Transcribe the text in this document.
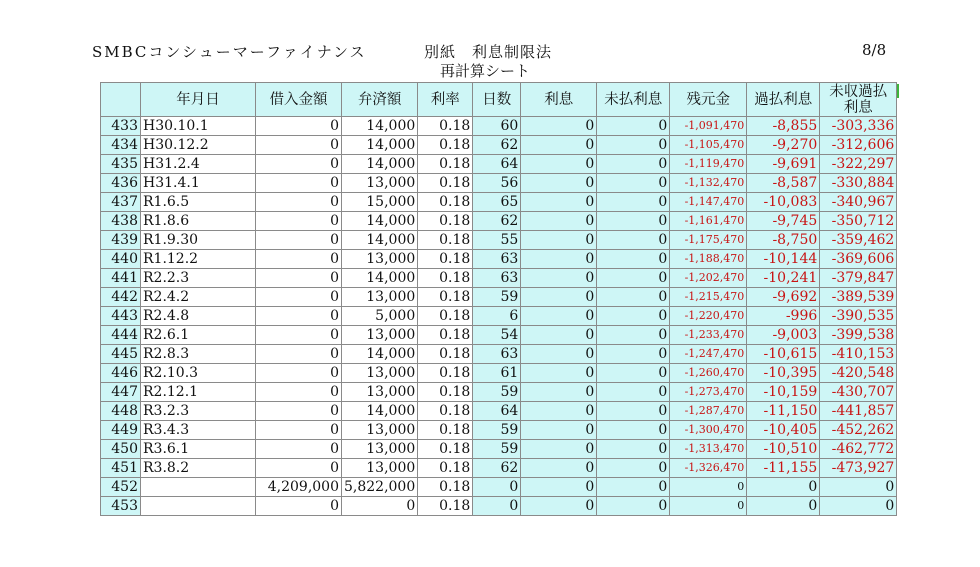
SMBCコンシューマーファイナンス	別紙　利息制限法	8/8
再計算シート
	年月日	借入金額	弁済額	利率	日数	利息	未払利息	残元金	過払利息	未収過払
利息
433	H30.10.1	0	14,000	0.18	60	0	0	-1,091,470	-8,855	-303,336
434	H30.12.2	0	14,000	0.18	62	0	0	-1,105,470	-9,270	-312,606
435	H31.2.4	0	14,000	0.18	64	0	0	-1,119,470	-9,691	-322,297
436	H31.4.1	0	13,000	0.18	56	0	0	-1,132,470	-8,587	-330,884
437	R1.6.5	0	15,000	0.18	65	0	0	-1,147,470	-10,083	-340,967
438	R1.8.6	0	14,000	0.18	62	0	0	-1,161,470	-9,745	-350,712
439	R1.9.30	0	14,000	0.18	55	0	0	-1,175,470	-8,750	-359,462
440	R1.12.2	0	13,000	0.18	63	0	0	-1,188,470	-10,144	-369,606
441	R2.2.3	0	14,000	0.18	63	0	0	-1,202,470	-10,241	-379,847
442	R2.4.2	0	13,000	0.18	59	0	0	-1,215,470	-9,692	-389,539
443	R2.4.8	0	5,000	0.18	6	0	0	-1,220,470	-996	-390,535
444	R2.6.1	0	13,000	0.18	54	0	0	-1,233,470	-9,003	-399,538
445	R2.8.3	0	14,000	0.18	63	0	0	-1,247,470	-10,615	-410,153
446	R2.10.3	0	13,000	0.18	61	0	0	-1,260,470	-10,395	-420,548
447	R2.12.1	0	13,000	0.18	59	0	0	-1,273,470	-10,159	-430,707
448	R3.2.3	0	14,000	0.18	64	0	0	-1,287,470	-11,150	-441,857
449	R3.4.3	0	13,000	0.18	59	0	0	-1,300,470	-10,405	-452,262
450	R3.6.1	0	13,000	0.18	59	0	0	-1,313,470	-10,510	-462,772
451	R3.8.2	0	13,000	0.18	62	0	0	-1,326,470	-11,155	-473,927
452		4,209,000	5,822,000	0.18	0	0	0	0	0	0
453		0	0	0.18	0	0	0	0	0	0
